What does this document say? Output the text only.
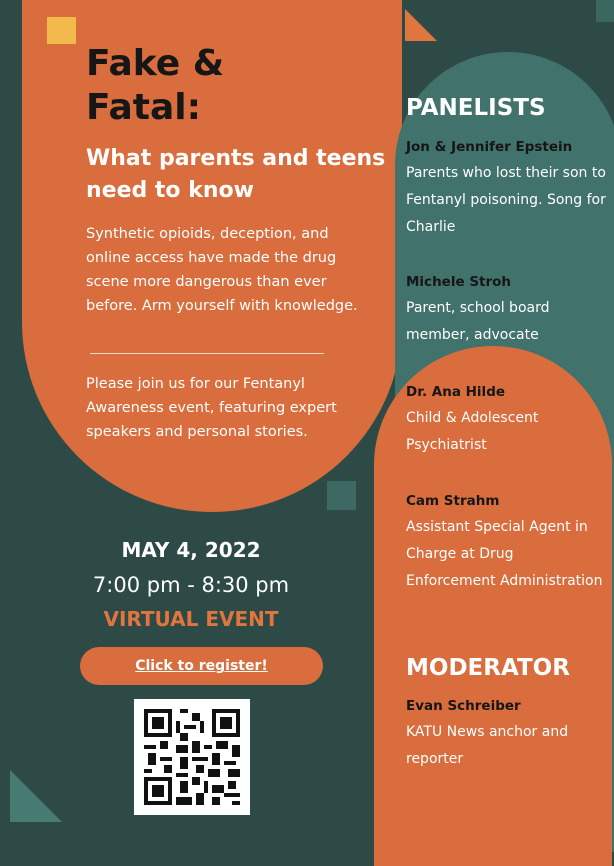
Fake &
Fatal:

What parents and teens need to know

Synthetic opioids, deception, and online access have made the drug scene more dangerous than ever before. Arm yourself with knowledge.

Please join us for our Fentanyl Awareness event, featuring expert speakers and personal stories.

MAY 4, 2022
7:00 pm - 8:30 pm
VIRTUAL EVENT
Click to register!
PANELISTS

Jon & Jennifer Epstein

Parents who lost their son to Fentanyl poisoning. Song for Charlie

Michele Stroh

Parent, school board member, advocate

Dr. Ana Hilde

Child & Adolescent Psychiatrist

Cam Strahm

Assistant Special Agent in Charge at Drug Enforcement Administration

MODERATOR

Evan Schreiber

KATU News anchor and reporter
